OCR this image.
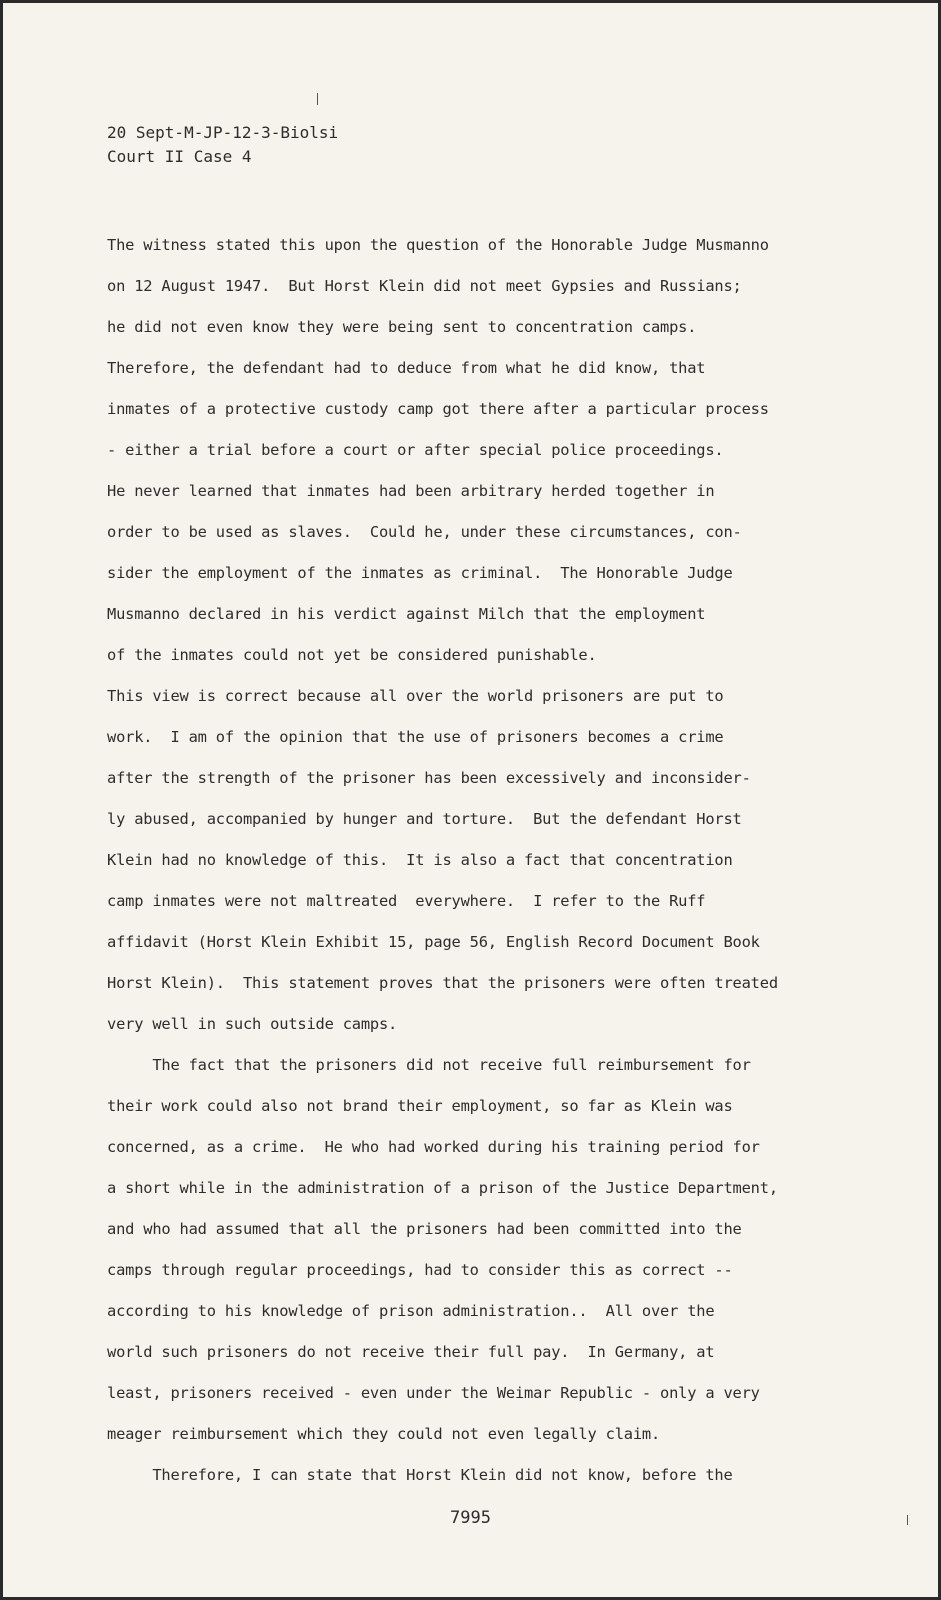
20 Sept-M-JP-12-3-Biolsi
Court II Case 4
The witness stated this upon the question of the Honorable Judge Musmanno
on 12 August 1947.  But Horst Klein did not meet Gypsies and Russians;
he did not even know they were being sent to concentration camps.
Therefore, the defendant had to deduce from what he did know, that
inmates of a protective custody camp got there after a particular process
- either a trial before a court or after special police proceedings.
He never learned that inmates had been arbitrary herded together in
order to be used as slaves.  Could he, under these circumstances, con-
sider the employment of the inmates as criminal.  The Honorable Judge
Musmanno declared in his verdict against Milch that the employment
of the inmates could not yet be considered punishable.
This view is correct because all over the world prisoners are put to
work.  I am of the opinion that the use of prisoners becomes a crime
after the strength of the prisoner has been excessively and inconsider-
ly abused, accompanied by hunger and torture.  But the defendant Horst
Klein had no knowledge of this.  It is also a fact that concentration
camp inmates were not maltreated  everywhere.  I refer to the Ruff
affidavit (Horst Klein Exhibit 15, page 56, English Record Document Book
Horst Klein).  This statement proves that the prisoners were often treated
very well in such outside camps.
The fact that the prisoners did not receive full reimbursement for
their work could also not brand their employment, so far as Klein was
concerned, as a crime.  He who had worked during his training period for
a short while in the administration of a prison of the Justice Department,
and who had assumed that all the prisoners had been committed into the
camps through regular proceedings, had to consider this as correct --
according to his knowledge of prison administration..  All over the
world such prisoners do not receive their full pay.  In Germany, at
least, prisoners received - even under the Weimar Republic - only a very
meager reimbursement which they could not even legally claim.
Therefore, I can state that Horst Klein did not know, before the
7995
